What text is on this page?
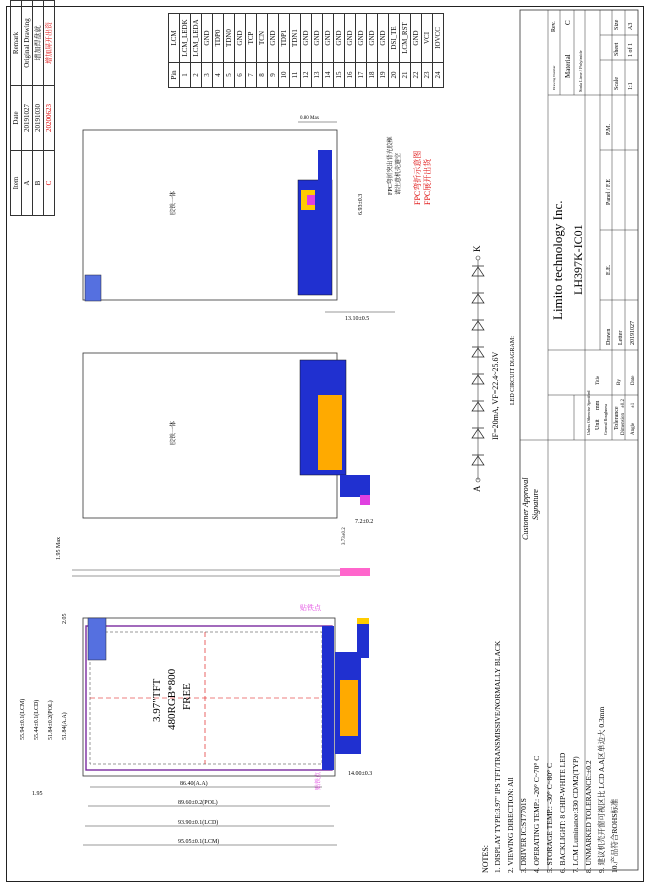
Item	Date	Remark
A	20191027	Original Drawing
B	20191030	增加焊盘就
C	20200623	增加屏开出资
Pin	LCM
1	LCM_LEDK
2	LCM_LEDA
3	GND
4	TDP0
5	TDN0
6	GND
7	TCP
8	TCN
9	GND
10	TDP1
11	TDN1
12	GND
13	GND
14	GND
15	GND
16	GND
17	GND
18	GND
19	GND
20	DSI_TE
21	LCM_RST
22	GND
23	VCI
24	IOVCC
胶铁一体
0.80 Max
6.93±0.3
13.10±0.5
FPC弯折突出背光胶框 请注意机壳避空 FPC弯折示意图 FPC展开出货
胶铁一体
7.2±0.2
3.73±0.2
1.95 Max
3.97"TFT 480RGB*800 FREE
55.94±0.1(LCM) 55.44±0.1(LCD) 51.84±0.2(POL) 51.84(A.A)
2.05
1.95
86.40(A.A)
89.60±0.2(POL)
93.90±0.1(LCD)
95.05±0.1(LCM)
14.00±0.3
贴铁点
贴铁点
A
K
IF=20mA, VF=22.4~25.6V LED CIRCUIT DIAGRAM:
Customer Approval Signature
Limito technology Inc. LH397K-IC01
Unless Otherwise Specified Unit
mm General Roughness Tolerance Dimension
±0.2
Angle
±1
Title	By Date
Drawn Letter 20191027
E.E.
Panel / F.E
P.M.
Drawing Number Material Soda Lime / Polyimide	Scale 1:1
Sheet 1 of 1
Size A3
Rev. C
NOTES: 1. DISPLAY TYPE:3.97" IPS TFT/TRANSMISSIVE/NORMALLY BLACK 2. VIEWING DIRECTION: All 3. DRIVER IC:ST7701S 4. OPERATING TEMP.: -20° C~70° C 5. STORAGE TEMP.: -30° C~80° C 6. BACKLIGHT: 8 CHIP-WHITE LED 7. LCM Luminance:330 CD/M2(TYP) 8. UNMARKED TOLERANCE:±0.2 9. 建议机壳开窗可视区比 LCD A.A区单边大 0.3mm 10.产品符合ROHS标准
